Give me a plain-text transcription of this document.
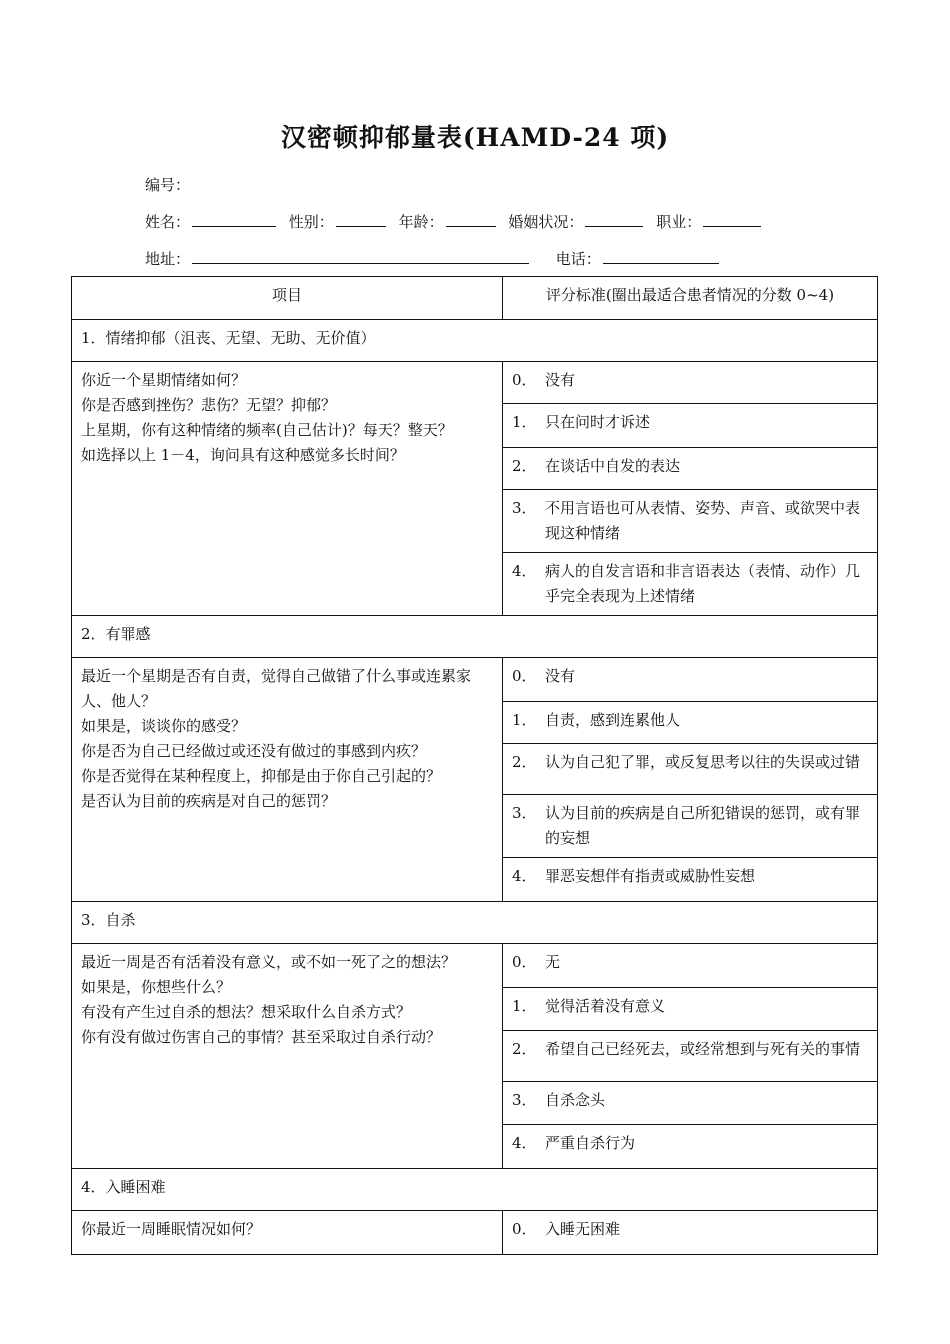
汉密顿抑郁量表(HAMD-24 项)
编号：
姓名：	性别：	年龄：	婚姻状况：	职业：
地址：	电话：
项目	评分标准(圈出最适合患者情况的分数 0~4)
1．情绪抑郁（沮丧、无望、无助、无价值）	

你近一个星期情绪如何？
你是否感到挫伤？悲伤？无望？抑郁？
上星期，你有这种情绪的频率(自己估计)？每天？整天？
如选择以上 1－4，询问具有这种感觉多长时间？	0． 没有

	1． 只在问时才诉述

	2． 在谈话中自发的表达

	3． 不用言语也可从表情、姿势、声音、或欲哭中表现这种情绪

	4． 病人的自发言语和非言语表达（表情、动作）几乎完全表现为上述情绪

2．有罪感	

最近一个星期是否有自责，觉得自己做错了什么事或连累家人、他人？
如果是，谈谈你的感受？
你是否为自己已经做过或还没有做过的事感到内疚？
你是否觉得在某种程度上，抑郁是由于你自己引起的？
是否认为目前的疾病是对自己的惩罚？	0． 没有

	1． 自责，感到连累他人

	2． 认为自己犯了罪，或反复思考以往的失误或过错

	3． 认为目前的疾病是自己所犯错误的惩罚，或有罪的妄想

	4． 罪恶妄想伴有指责或威胁性妄想

3．自杀	

最近一周是否有活着没有意义，或不如一死了之的想法？
如果是，你想些什么？
有没有产生过自杀的想法？想采取什么自杀方式？
你有没有做过伤害自己的事情？甚至采取过自杀行动？	0． 无

	1． 觉得活着没有意义

	2． 希望自己已经死去，或经常想到与死有关的事情

	3． 自杀念头

	4． 严重自杀行为

4．入睡困难	

你最近一周睡眠情况如何？	0． 入睡无困难
